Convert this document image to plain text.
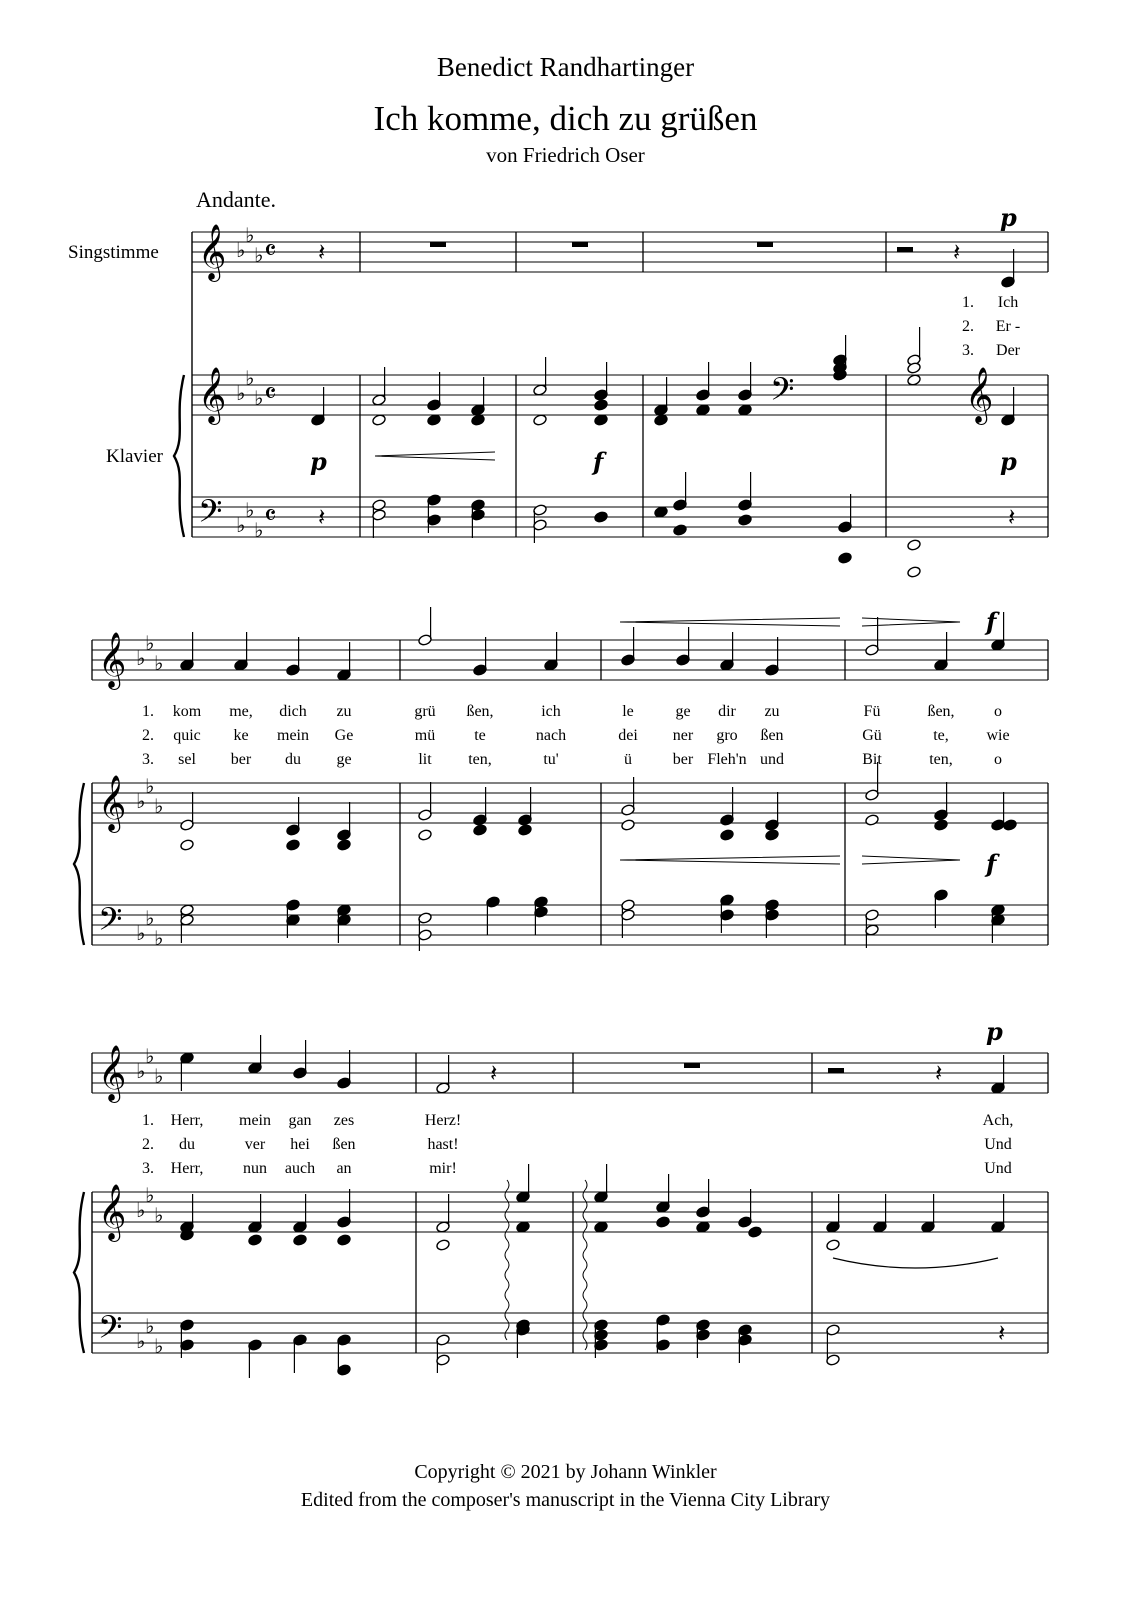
Benedict Randhartinger
Ich komme, dich zu grüßen
von Friedrich Oser
Andante.
Singstimme
Klavier
𝄞
𝄞
𝄢
♭
♭
♭
♭
♭
♭
♭
♭
♭
𝄴
𝄴
𝄴
𝄽	𝄽
p
𝄢	𝄞
p	f	p
𝄽	𝄽
𝄞
𝄞
𝄢
♭
♭
♭
♭
♭
♭
♭
♭
♭
f
f
𝄞
𝄞
𝄢
♭
♭
♭
♭
♭
♭
♭
♭
♭
𝄽	𝄽
p
𝄽
1. Ich
2. Er -
3. Der
1. kom me, dich zu	grü ßen,	ich	le	ge dir zu	Fü	ßen, o
2. quic ke mein Ge	mü te	nach	dei ner gro ßen	Gü	te, wie
3. sel ber du ge	lit ten,	tu'	ü	ber Fleh'n und	Bit	ten,	o
1. Herr, mein gan zes	Herz!	Ach,
2. du	ver hei ßen	hast!	Und
3. Herr, nun auch an	mir!	Und
Copyright © 2021 by Johann Winkler
Edited from the composer's manuscript in the Vienna City Library
